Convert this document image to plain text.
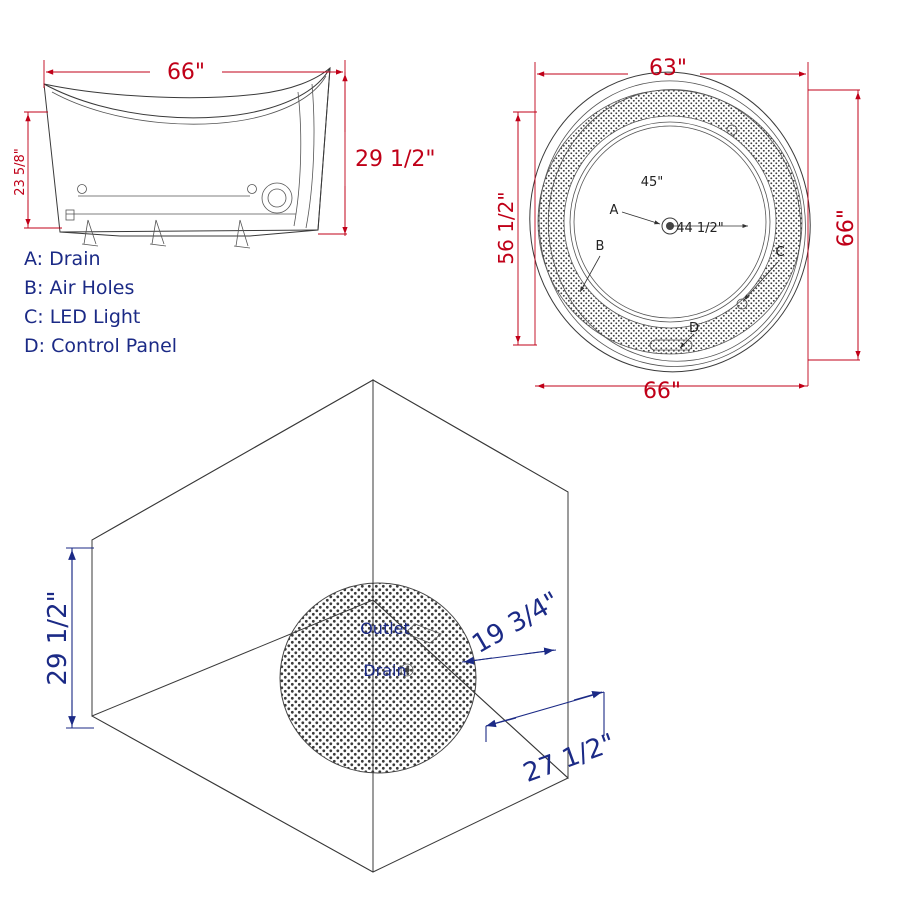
66"
29 1/2"
23 5/8"
A: Drain
B: Air Holes
C: LED Light
D: Control Panel
63"
66"
56 1/2"	66"
45"
44 1/2"
A
B	C
D
Outlet
Drain
29 1/2"	19 3/4"
27 1/2"
